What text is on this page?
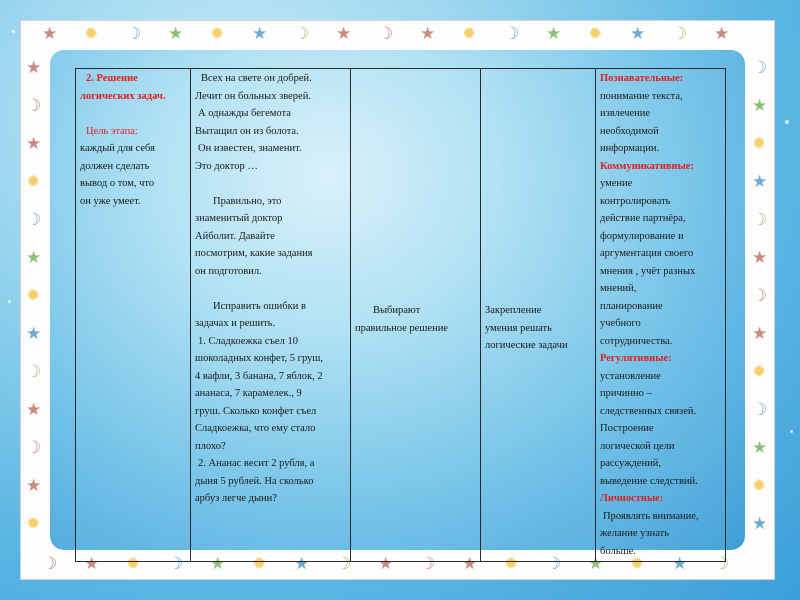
★ ✹ ☽ ★ ✹ ★ ☽ ★ ☽ ★ ✹ ☽ ★ ✹ ★ ☽ ★
☽ ★ ✹ ☽ ★ ✹ ★ ☽ ★ ☽ ★ ✹ ☽ ★ ✹ ★ ☽
★
☽
★
✹
☽
★
✹
★
☽
★
☽
★
✹
☽
★
✹
★
☽
★
☽
★
✹
☽
★
✹
★
2. Решение
логических задач.
Цель этапа:
каждый для себя
должен сделать
вывод о том, что
он уже умеет.

Всех на свете он добрей.
Лечит он больных зверей.
А однажды бегемота
Вытащил он из болота.
Он известен, знаменит.
Это доктор …
Правильно, это
знаменитый доктор
Айболит. Давайте
посмотрим, какие задания
он подготовил.
Исправить ошибки в
задачах и решить.
1. Сладкоежка съел 10
шоколадных конфет, 5 груш,
4 вафли, 3 банана, 7 яблок, 2
ананаса, 7 карамелек., 9
груш. Сколько конфет съел
Сладкоежка, что ему стало
плохо?
2. Ананас весит 2 рубля, а
дыня 5 рублей. На сколько
арбуз легче дыни?

Выбирают
правильное решение

Закрепление
умения решать
логические задачи

Познавательные:
понимание текста,
извлечение
необходимой
информации.
Коммуникативные:
умение
контролировать
действие партнёра,
формулирование и
аргументация своего
мнения , учёт разных
мнений,
планирование
учебного
сотрудничества.
Регулятивные:
установление
причинно –
следственных связей.
Построение
логической цели
рассуждений,
выведение следствий.
Личностные:
Проявлять внимание,
желание узнать
больше.
